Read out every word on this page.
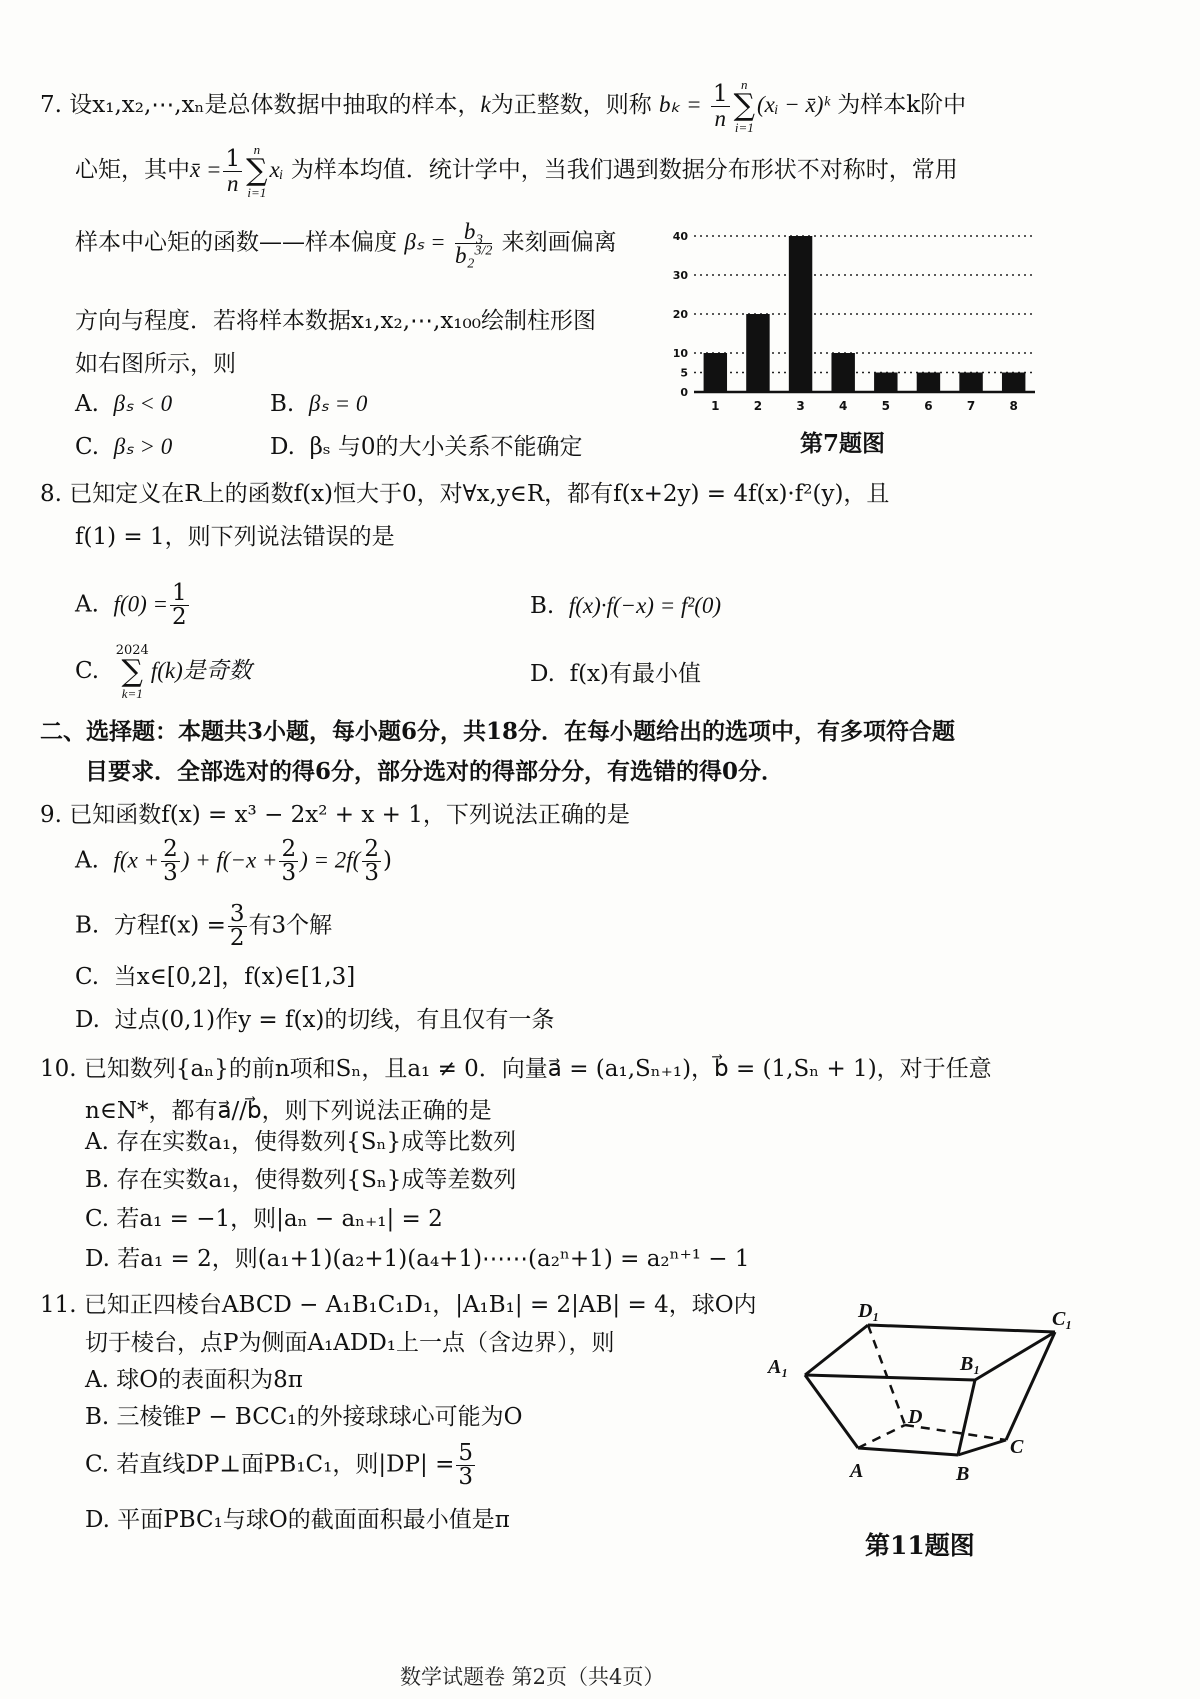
7. 设x₁,x₂,⋯,xₙ是总体数据中抽取的样本，k为正整数，则称 $b_k = \frac{1}{n}$ n
∑
i=1
(xᵢ − x̄)ᵏ 为样本k阶中
心矩，其中x̄ = $\frac{1}{n}$ n
∑
i=1
xᵢ 为样本均值．统计学中，当我们遇到数据分布形状不对称时，常用
样本中心矩的函数——样本偏度 $\beta_s = \frac{\text{b₃}}{b_2^{3/2}}$ 来刻画偏离
方向与程度．若将样本数据x₁,x₂,⋯,x₁₀₀绘制柱形图
如右图所示，则
A. βₛ < 0	B. βₛ = 0
C. βₛ > 0	D. βₛ 与0的大小关系不能确定
0
5
10
20
30
40
1	2	3	4	5	6	7	8
第7题图
8. 已知定义在R上的函数f(x)恒大于0，对∀x,y∈R，都有f(x+2y) = 4f(x)·f²(y)，且
f(1) = 1，则下列说法错误的是
A. $f(0) = \frac{1}{2}$	B. f(x)·f(−x) = f²(0)
C.
2024
∑
k=1
f(k)是奇数	D. f(x)有最小值
二、选择题：本题共3小题，每小题6分，共18分．在每小题给出的选项中，有多项符合题
目要求．全部选对的得6分，部分选对的得部分分，有选错的得0分．
9. 已知函数f(x) = x³ − 2x² + x + 1，下列说法正确的是
A. $f(x + \frac{2}{3}$ ) + $f(-x + \frac{2}{3}$ ) = $2f( \frac{2}{3}$ )
B. 方程$f(x) = \frac{3}{2}$ 有3个解
C. 当x∈[0,2]，f(x)∈[1,3]
D. 过点(0,1)作y = f(x)的切线，有且仅有一条
10. 已知数列{aₙ}的前n项和Sₙ，且a₁ ≠ 0．向量a⃗ = (a₁,Sₙ₊₁)，b⃗ = (1,Sₙ + 1)，对于任意
n∈N*，都有a⃗//b⃗，则下列说法正确的是
A. 存在实数a₁，使得数列{Sₙ}成等比数列
B. 存在实数a₁，使得数列{Sₙ}成等差数列
C. 若a₁ = −1，则|aₙ − aₙ₊₁| = 2
D. 若a₁ = 2，则(a₁+1)(a₂+1)(a₄+1)⋯⋯(a₂ⁿ+1) = a₂ⁿ⁺¹ − 1
11. 已知正四棱台ABCD − A₁B₁C₁D₁，|A₁B₁| = 2|AB| = 4，球O内
切于棱台，点P为侧面A₁ADD₁上一点（含边界），则
A. 球O的表面积为8π
B. 三棱锥P − BCC₁的外接球球心可能为O
C. 若直线DP⊥面PB₁C₁，则$|DP| = \frac{5}{3}$
D. 平面PBC₁与球O的截面面积最小值是π
A₁	B₁
C₁
D₁
A	B
C
D
第11题图
数学试题卷 第2页（共4页）
